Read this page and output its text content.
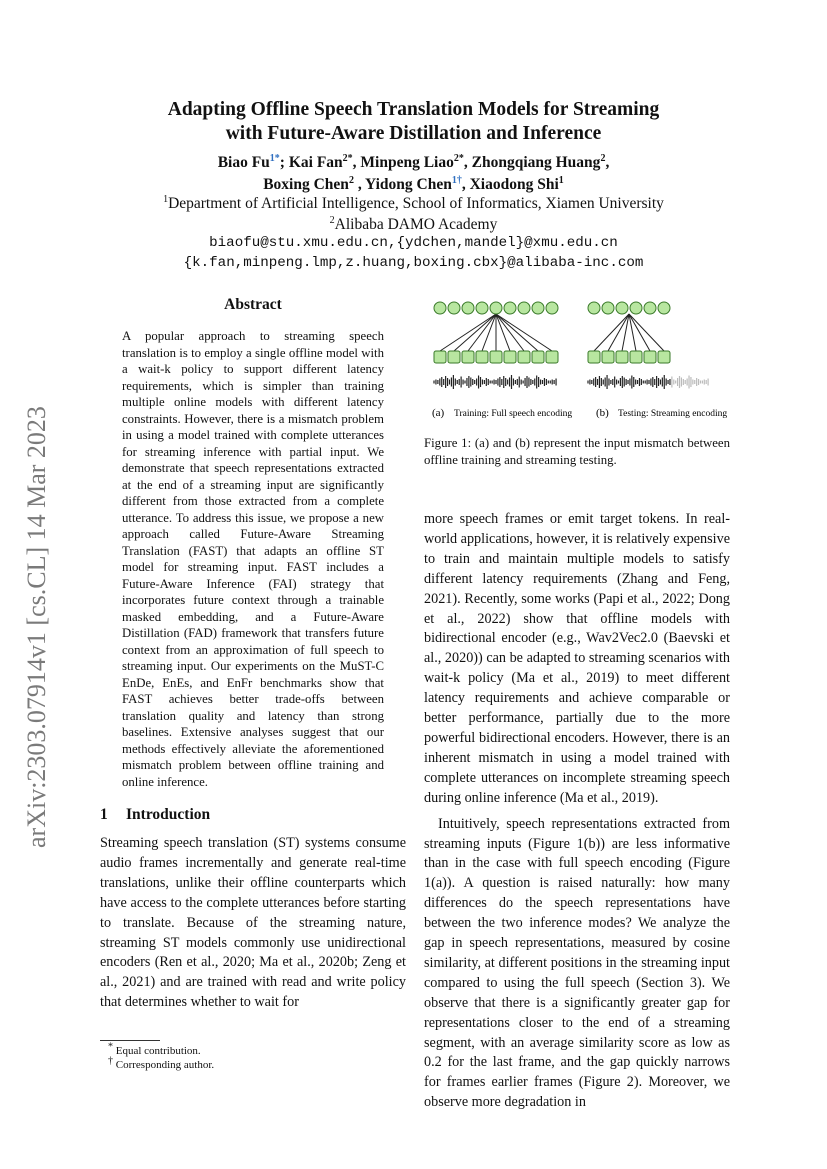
arXiv:2303.07914v1 [cs.CL] 14 Mar 2023
Adapting Offline Speech Translation Models for Streaming
with Future-Aware Distillation and Inference
Biao $Fu^{1*}$; Kai Fan$^{2*}$, Minpeng Liao$^{2*}$, Zhongqiang Huang$^2$,
Boxing Chen$^2$ , Yidong Chen$^{1\dagger}$, Xiaodong Shi$^1$
$^1$Department of Artificial Intelligence, School of Informatics, Xiamen University
$^2$Alibaba DAMO Academy
biaofu@stu.xmu.edu.cn,{ydchen,mandel}@xmu.edu.cn
{k.fan,minpeng.lmp,z.huang,boxing.cbx}@alibaba-inc.com
Abstract
A popular approach to streaming speech translation is to employ a single offline model with a wait-k policy to support different latency requirements, which is simpler than training multiple online models with different latency constraints. However, there is a mismatch problem in using a model trained with complete utterances for streaming inference with partial input. We demonstrate that speech representations extracted at the end of a streaming input are significantly different from those extracted from a complete utterance. To address this issue, we propose a new approach called Future-Aware Streaming Translation (FAST) that adapts an offline ST model for streaming input. FAST includes a Future-Aware Inference (FAI) strategy that incorporates future context through a trainable masked embedding, and a Future-Aware Distillation (FAD) framework that transfers future context from an approximation of full speech to streaming input. Our experiments on the MuST-C EnDe, EnEs, and EnFr benchmarks show that FAST achieves better trade-offs between translation quality and latency than strong baselines. Extensive analyses suggest that our methods effectively alleviate the aforementioned mismatch problem between offline training and online inference.
1 Introduction

Streaming speech translation (ST) systems consume audio frames incrementally and generate real-time translations, unlike their offline counterparts which have access to the complete utterances before starting to translate. Because of the streaming nature, streaming ST models commonly use unidirectional encoders (Ren et al., 2020; Ma et al., 2020b; Zeng et al., 2021) and are trained with read and write policy that determines whether to wait for

(a) Training: Full speech encoding (b) Testing: Streaming encoding
Figure 1: (a) and (b) represent the input mismatch between offline training and streaming testing.

more speech frames or emit target tokens. In real-world applications, however, it is relatively expensive to train and maintain multiple models to satisfy different latency requirements (Zhang and Feng, 2021). Recently, some works (Papi et al., 2022; Dong et al., 2022) show that offline models with bidirectional encoder (e.g., Wav2Vec2.0 (Baevski et al., 2020)) can be adapted to streaming scenarios with wait-k policy (Ma et al., 2019) to meet different latency requirements and achieve comparable or better performance, partially due to the more powerful bidirectional encoders. However, there is an inherent mismatch in using a model trained with complete utterances on incomplete streaming speech during online inference (Ma et al., 2019).

Intuitively, speech representations extracted from streaming inputs (Figure 1(b)) are less informative than in the case with full speech encoding (Figure 1(a)). A question is raised naturally: how many differences do the speech representations have between the two inference modes? We analyze the gap in speech representations, measured by cosine similarity, at different positions in the streaming input compared to using the full speech (Section 3). We observe that there is a significantly greater gap for representations closer to the end of a streaming segment, with an average similarity score as low as 0.2 for the last frame, and the gap quickly narrows for frames earlier frames (Figure 2). Moreover, we observe more degradation in

* Equal contribution.
† Corresponding author.
